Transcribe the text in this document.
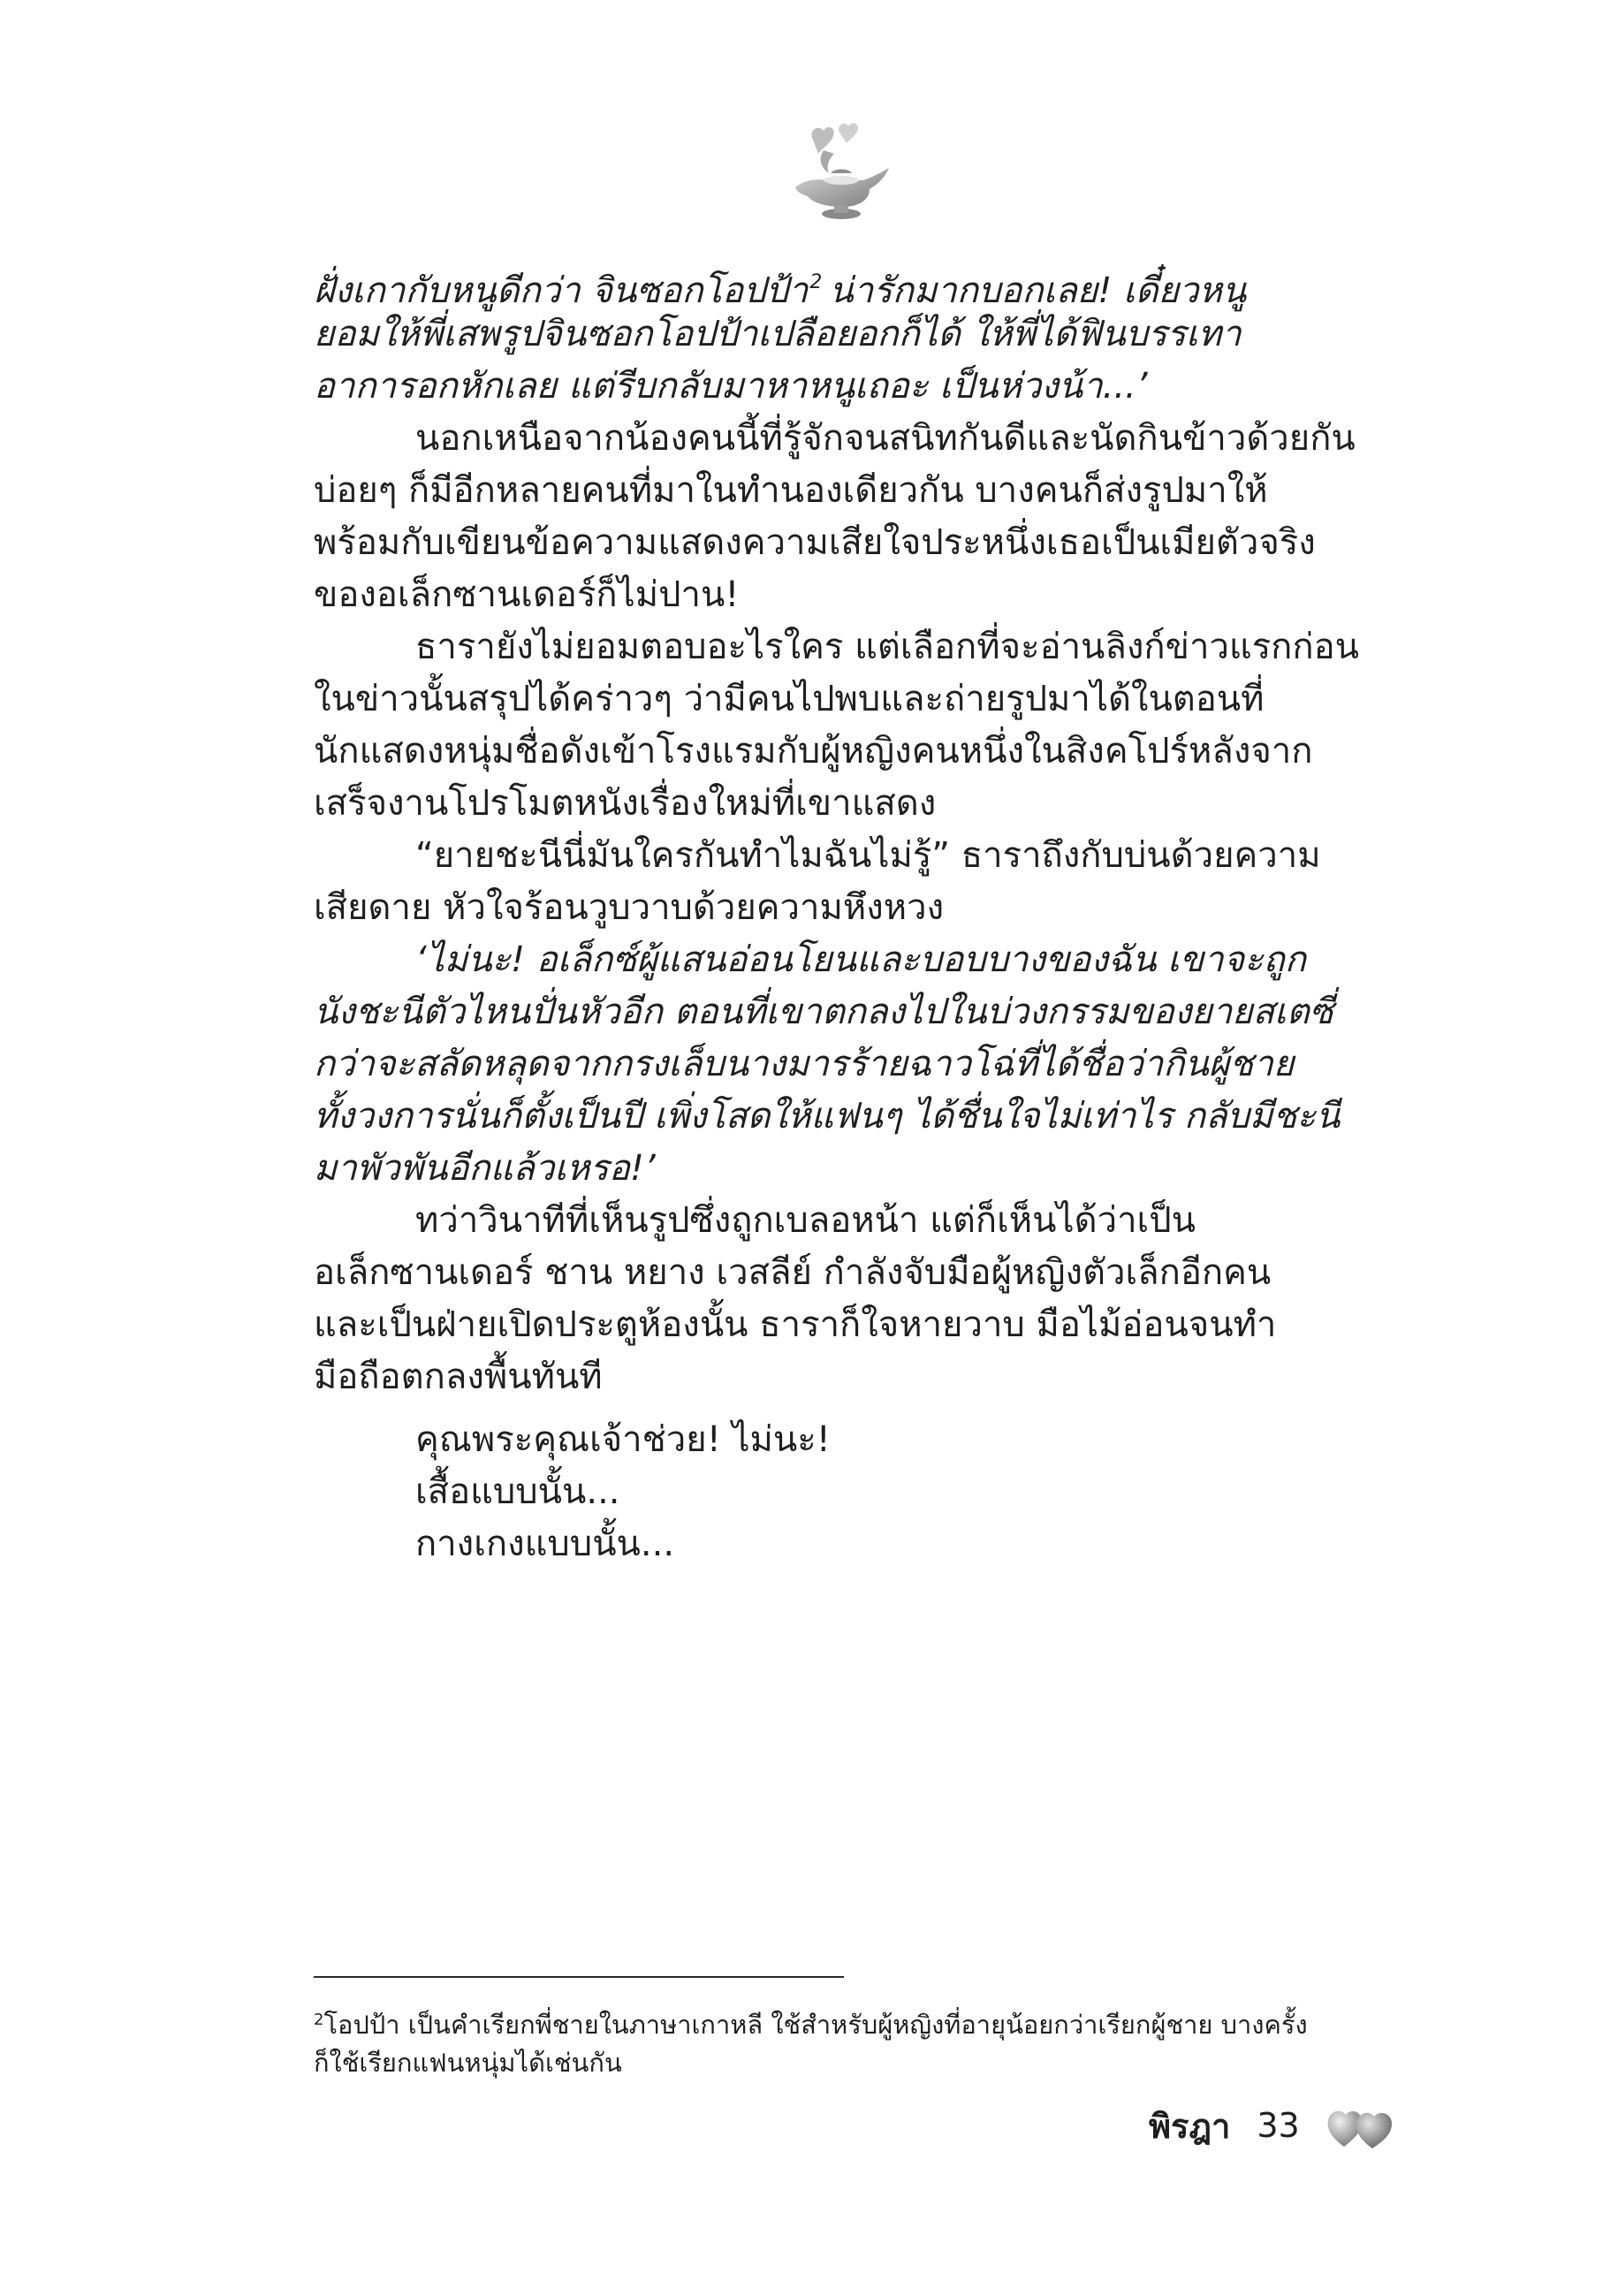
ฝั่งเกากับหนูดีกว่า จินซอกโอปป้า$^2$ น่ารักมากบอกเลย! เดี๋ยวหนู
ยอมให้พี่เสพรูปจินซอกโอปป้าเปลือยอกก็ได้ ให้พี่ได้ฟินบรรเทา
อาการอกหักเลย แต่รีบกลับมาหาหนูเถอะ เป็นห่วงน้า...’
นอกเหนือจากน้องคนนี้ที่รู้จักจนสนิทกันดีและนัดกินข้าวด้วยกัน
บ่อยๆ ก็มีอีกหลายคนที่มาในทำนองเดียวกัน บางคนก็ส่งรูปมาให้
พร้อมกับเขียนข้อความแสดงความเสียใจประหนึ่งเธอเป็นเมียตัวจริง
ของอเล็กซานเดอร์ก็ไม่ปาน!
ธารายังไม่ยอมตอบอะไรใคร แต่เลือกที่จะอ่านลิงก์ข่าวแรกก่อน
ในข่าวนั้นสรุปได้คร่าวๆ ว่ามีคนไปพบและถ่ายรูปมาได้ในตอนที่
นักแสดงหนุ่มชื่อดังเข้าโรงแรมกับผู้หญิงคนหนึ่งในสิงคโปร์หลังจาก
เสร็จงานโปรโมตหนังเรื่องใหม่ที่เขาแสดง
“ยายชะนีนี่มันใครกันทำไมฉันไม่รู้” ธาราถึงกับบ่นด้วยความ
เสียดาย หัวใจร้อนวูบวาบด้วยความหึงหวง
‘ไม่นะ! อเล็กซ์ผู้แสนอ่อนโยนและบอบบางของฉัน เขาจะถูก
นังชะนีตัวไหนปั่นหัวอีก ตอนที่เขาตกลงไปในบ่วงกรรมของยายสเตซี่
กว่าจะสลัดหลุดจากกรงเล็บนางมารร้ายฉาวโฉ่ที่ได้ชื่อว่ากินผู้ชาย
ทั้งวงการนั่นก็ตั้งเป็นปี เพิ่งโสดให้แฟนๆ ได้ชื่นใจไม่เท่าไร กลับมีชะนี
มาพัวพันอีกแล้วเหรอ!’
ทว่าวินาทีที่เห็นรูปซึ่งถูกเบลอหน้า แต่ก็เห็นได้ว่าเป็น
อเล็กซานเดอร์ ชาน หยาง เวสลีย์ กำลังจับมือผู้หญิงตัวเล็กอีกคน
และเป็นฝ่ายเปิดประตูห้องนั้น ธาราก็ใจหายวาบ มือไม้อ่อนจนทำ
มือถือตกลงพื้นทันที
คุณพระคุณเจ้าช่วย! ไม่นะ!
เสื้อแบบนั้น...
กางเกงแบบนั้น...
$^2$โอปป้า เป็นคำเรียกพี่ชายในภาษาเกาหลี ใช้สำหรับผู้หญิงที่อายุน้อยกว่าเรียกผู้ชาย บางครั้ง
ก็ใช้เรียกแฟนหนุ่มได้เช่นกัน
พิรฎา 33
